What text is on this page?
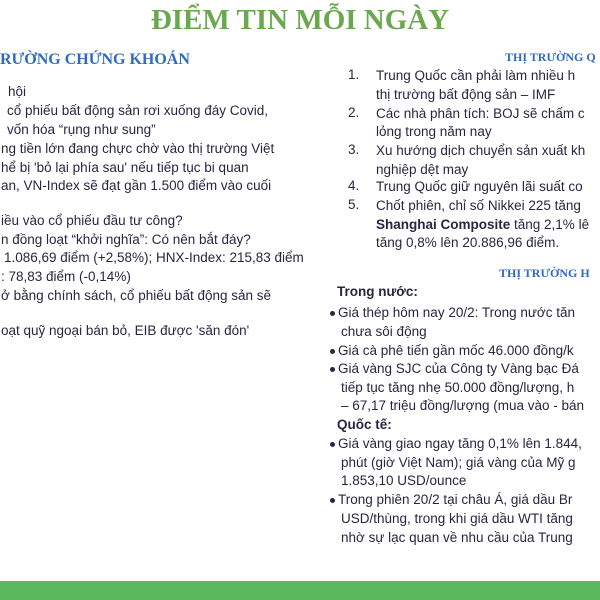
ĐIỂM TIN MỖI NGÀY
RƯỜNG CHỨNG KHOÁN
hội
cổ phiếu bất động sản rơi xuống đáy Covid,
vốn hóa “rụng như sung”
ng tiền lớn đang chực chờ vào thị trường Việt
hể bị 'bỏ lại phía sau' nếu tiếp tục bi quan
an, VN-Index sẽ đạt gần 1.500 điểm vào cuối
iều vào cổ phiếu đầu tư công?
n đồng loạt “khởi nghĩa”: Có nên bắt đáy?
1.086,69 điểm (+2,58%); HNX-Index: 215,83 điểm
: 78,83 điểm (-0,14%)
ở bằng chính sách, cổ phiếu bất động sản sẽ
oạt quỹ ngoại bán bỏ, EIB được 'săn đón'
THỊ TRƯỜNG Q
1. Trung Quốc cần phải làm nhiều h
thị trường bất động sản – IMF
2. Các nhà phân tích: BOJ sẽ chấm c
lỏng trong năm nay
3. Xu hướng dịch chuyển sản xuất kh
nghiệp dệt may
4. Trung Quốc giữ nguyên lãi suất co
5. Chốt phiên, chỉ số Nikkei 225 tăng
Shanghai Composite tăng 2,1% lê
tăng 0,8% lên 20.886,96 điểm.
THỊ TRƯỜNG H
Trong nước:
Giá thép hôm nay 20/2: Trong nước tăn
chưa sôi động
Giá cà phê tiến gần mốc 46.000 đồng/k
Giá vàng SJC của Công ty Vàng bạc Đá
tiếp tục tăng nhẹ 50.000 đồng/lượng, h
– 67,17 triệu đồng/lượng (mua vào - bán
Quốc tế:
Giá vàng giao ngay tăng 0,1% lên 1.844,
phút (giờ Việt Nam); giá vàng của Mỹ g
1.853,10 USD/ounce
Trong phiên 20/2 tại châu Á, giá dầu Br
USD/thùng, trong khi giá dầu WTI tăng
nhờ sự lạc quan về nhu cầu của Trung
